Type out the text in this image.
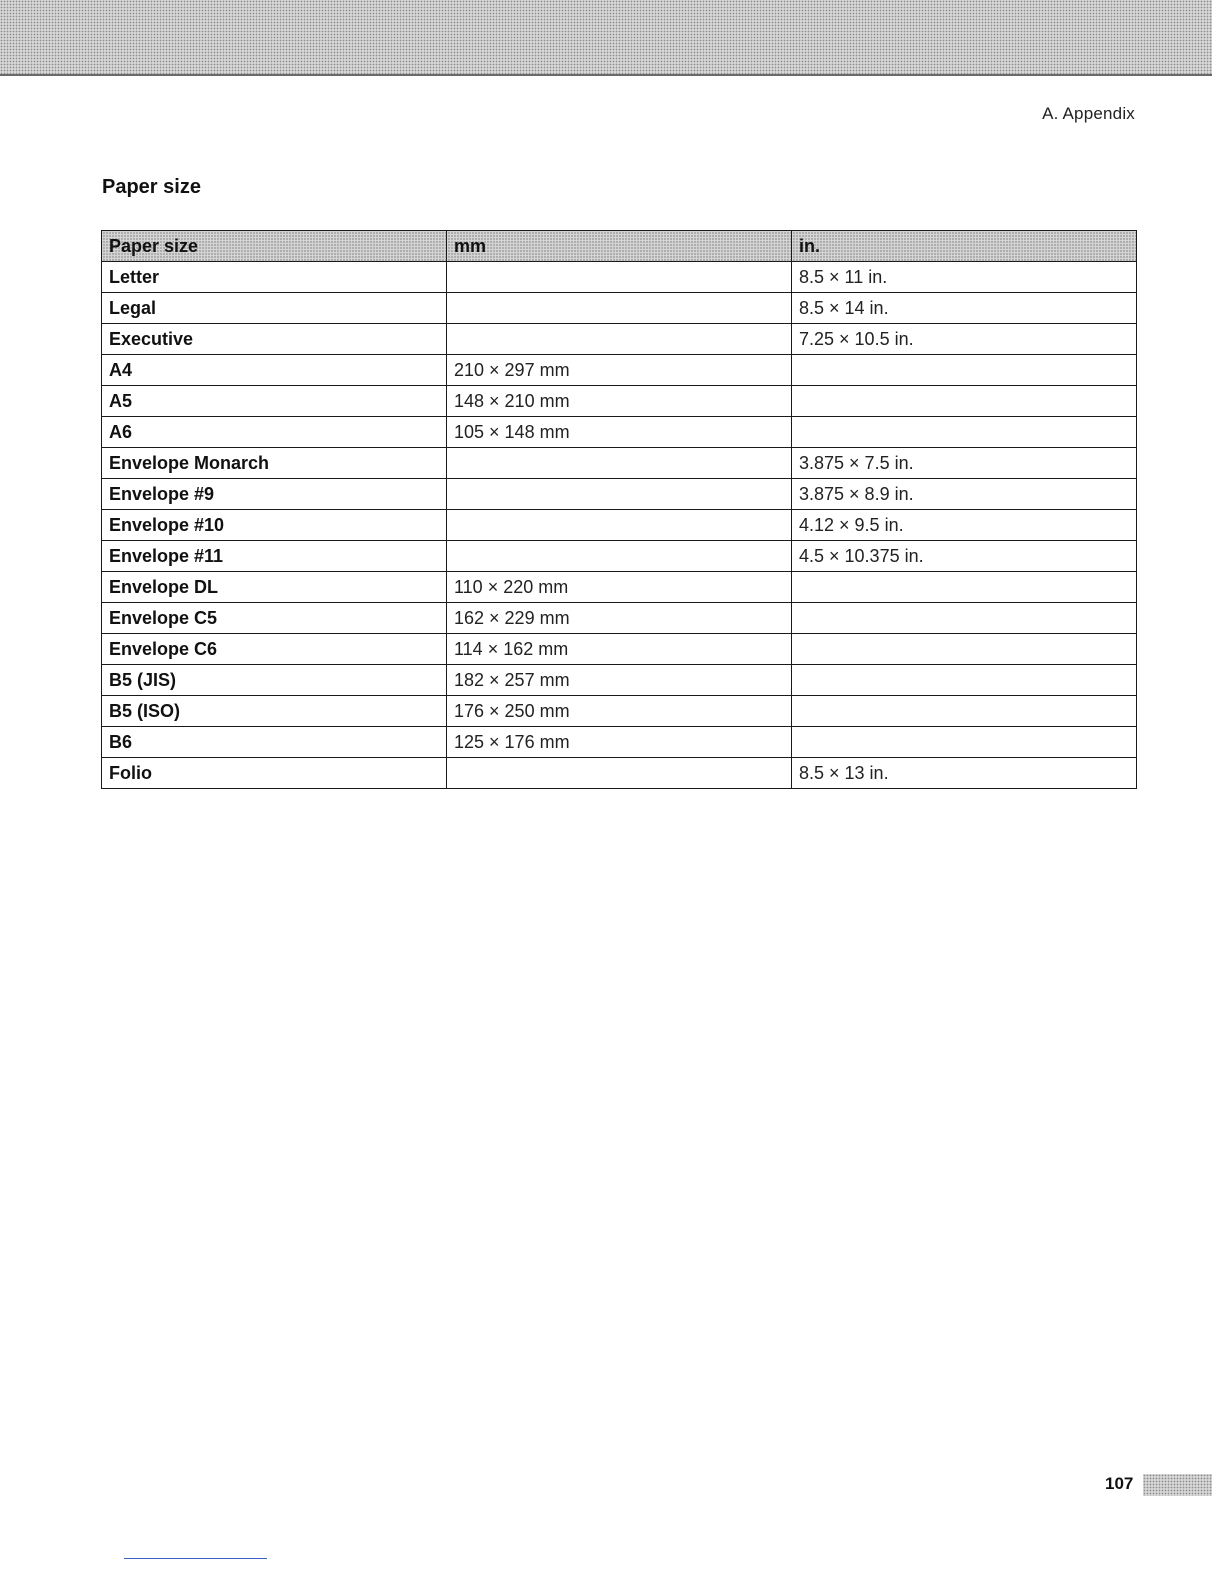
A. Appendix
Paper size
Paper size	mm	in.
Letter		8.5 × 11 in.
Legal		8.5 × 14 in.
Executive		7.25 × 10.5 in.
A4	210 × 297 mm	
A5	148 × 210 mm	
A6	105 × 148 mm	
Envelope Monarch		3.875 × 7.5 in.
Envelope #9		3.875 × 8.9 in.
Envelope #10		4.12 × 9.5 in.
Envelope #11		4.5 × 10.375 in.
Envelope DL	110 × 220 mm	
Envelope C5	162 × 229 mm	
Envelope C6	114 × 162 mm	
B5 (JIS)	182 × 257 mm	
B5 (ISO)	176 × 250 mm	
B6	125 × 176 mm	
Folio		8.5 × 13 in.
107
